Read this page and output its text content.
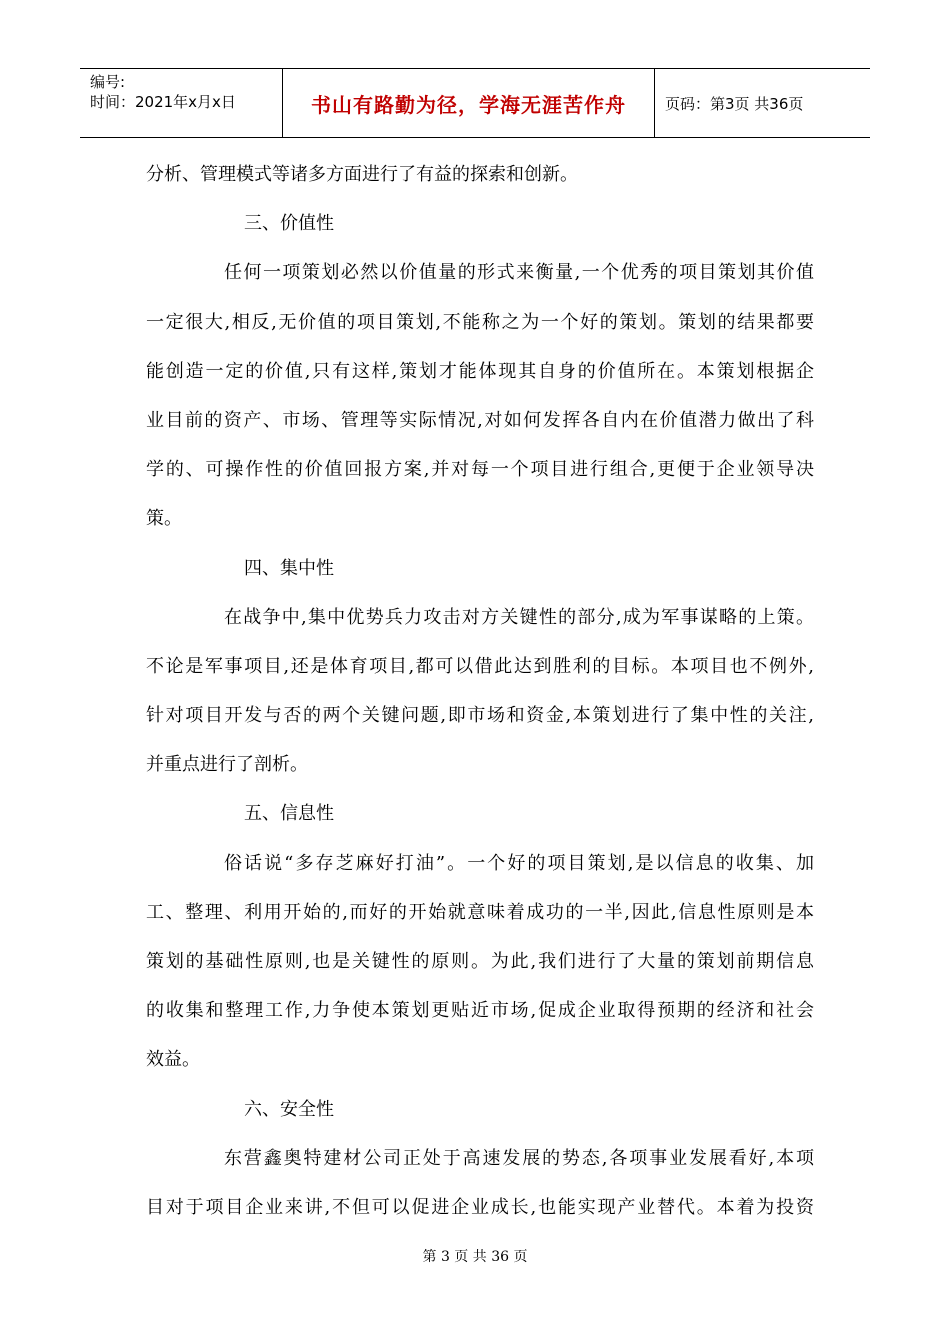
编号:
时间：2021年x月x日	书山有路勤为径，学海无涯苦作舟	页码：第3页 共36页
分析、管理模式等诸多方面进行了有益的探索和创新。
三、价值性
任何一项策划必然以价值量的形式来衡量,一个优秀的项目策划其价值
一定很大,相反,无价值的项目策划,不能称之为一个好的策划。策划的结果都要
能创造一定的价值,只有这样,策划才能体现其自身的价值所在。本策划根据企
业目前的资产、市场、管理等实际情况,对如何发挥各自内在价值潜力做出了科
学的、可操作性的价值回报方案,并对每一个项目进行组合,更便于企业领导决
策。
四、集中性
在战争中,集中优势兵力攻击对方关键性的部分,成为军事谋略的上策。
不论是军事项目,还是体育项目,都可以借此达到胜利的目标。本项目也不例外,
针对项目开发与否的两个关键问题,即市场和资金,本策划进行了集中性的关注,
并重点进行了剖析。
五、信息性
俗话说“多存芝麻好打油”。一个好的项目策划,是以信息的收集、加
工、整理、利用开始的,而好的开始就意味着成功的一半,因此,信息性原则是本
策划的基础性原则,也是关键性的原则。为此,我们进行了大量的策划前期信息
的收集和整理工作,力争使本策划更贴近市场,促成企业取得预期的经济和社会
效益。
六、安全性
东营鑫奥特建材公司正处于高速发展的势态,各项事业发展看好,本项
目对于项目企业来讲,不但可以促进企业成长,也能实现产业替代。本着为投资
第 3 页 共 36 页
